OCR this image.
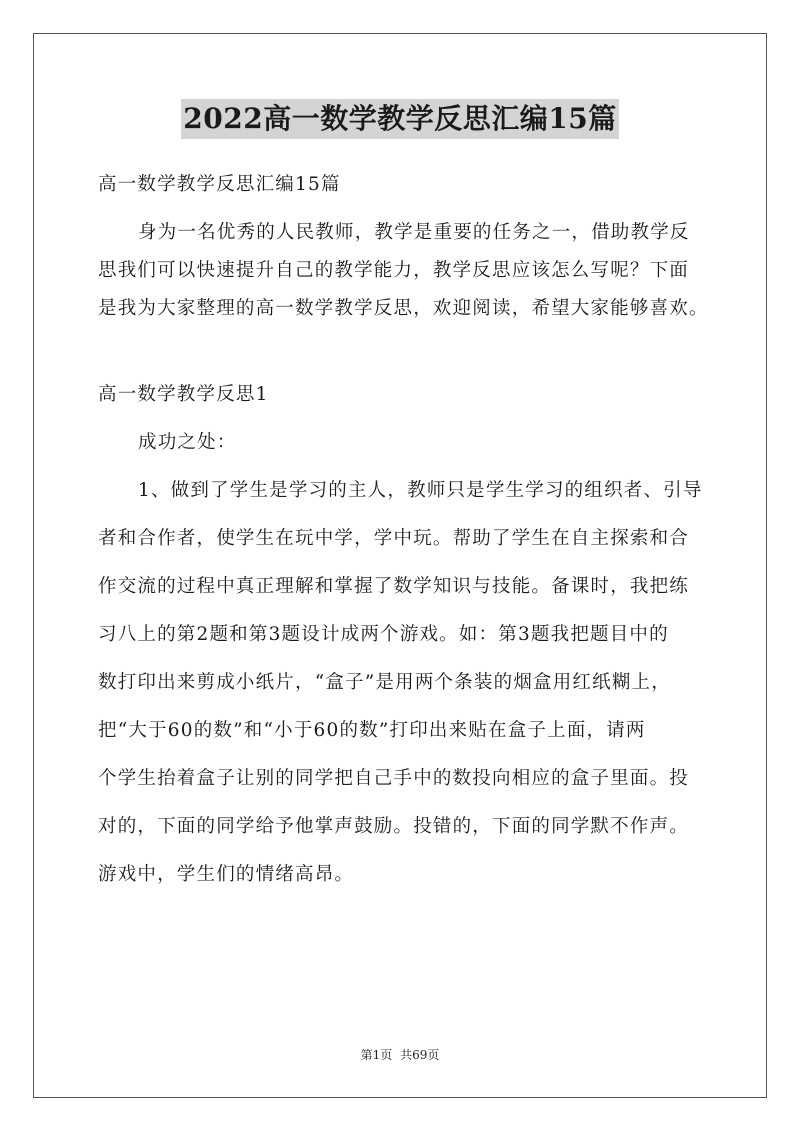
2022高一数学教学反思汇编15篇
高一数学教学反思汇编15篇
身为一名优秀的人民教师，教学是重要的任务之一，借助教学反
思我们可以快速提升自己的教学能力，教学反思应该怎么写呢？下面
是我为大家整理的高一数学教学反思，欢迎阅读，希望大家能够喜欢。
高一数学教学反思1
成功之处：
1、做到了学生是学习的主人，教师只是学生学习的组织者、引导
者和合作者，使学生在玩中学，学中玩。帮助了学生在自主探索和合
作交流的过程中真正理解和掌握了数学知识与技能。备课时，我把练
习八上的第2题和第3题设计成两个游戏。如：第3题我把题目中的
数打印出来剪成小纸片，“盒子”是用两个条装的烟盒用红纸糊上，
把“大于60的数”和“小于60的数”打印出来贴在盒子上面，请两
个学生抬着盒子让别的同学把自己手中的数投向相应的盒子里面。投
对的，下面的同学给予他掌声鼓励。投错的，下面的同学默不作声。
游戏中，学生们的情绪高昂。
第1页 共69页
